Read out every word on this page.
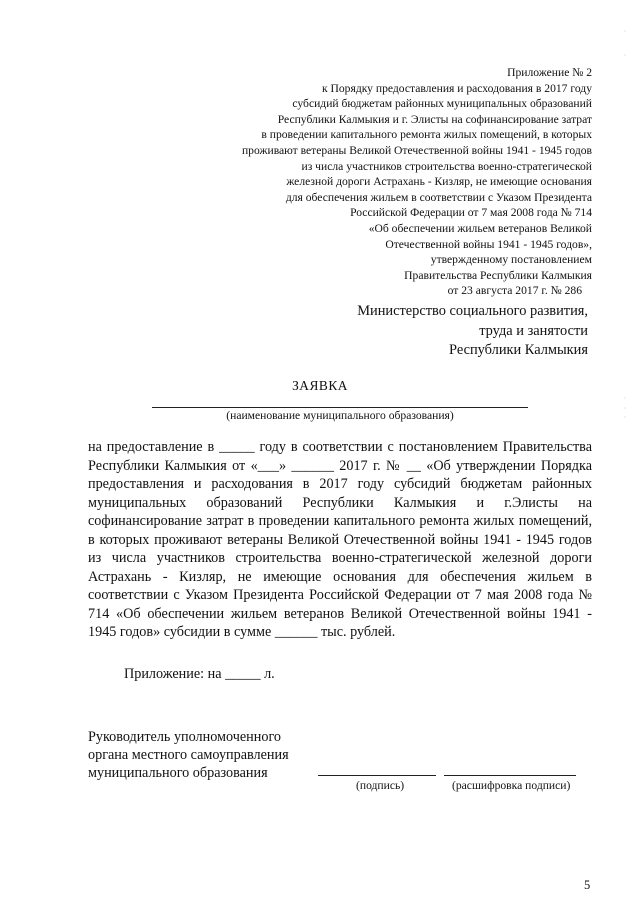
Приложение № 2
к Порядку предоставления и расходования в 2017 году
субсидий бюджетам районных муниципальных образований
Республики Калмыкия и г. Элисты на софинансирование затрат
в проведении капитального ремонта жилых помещений, в которых
проживают ветераны Великой Отечественной войны 1941 - 1945 годов
из числа участников строительства военно-стратегической
железной дороги Астрахань - Кизляр, не имеющие основания
для обеспечения жильем в соответствии с Указом Президента
Российской Федерации от 7 мая 2008 года № 714
«Об обеспечении жильем ветеранов Великой
Отечественной войны 1941 - 1945 годов»,
утвержденному постановлением
Правительства Республики Калмыкия
от 23 августа 2017 г. № 286
Министерство социального развития,
труда и занятости
Республики Калмыкия
ЗАЯВКА
(наименование муниципального образования)

на предоставление в _____ году в соответствии с постановлением Правительства Республики Калмыкия от «___» ______ 2017 г. № __ «Об утверждении Порядка предоставления и расходования в 2017 году субсидий бюджетам районных муниципальных образований Республики Калмыкия и г.Элисты на софинансирование затрат в проведении капитального ремонта жилых помещений, в которых проживают ветераны Великой Отечественной войны 1941 - 1945 годов из числа участников строительства военно-стратегической железной дороги Астрахань - Кизляр, не имеющие основания для обеспечения жильем в соответствии с Указом Президента Российской Федерации от 7 мая 2008 года № 714 «Об обеспечении жильем ветеранов Великой Отечественной войны 1941 - 1945 годов» субсидии в сумме ______ тыс. рублей.

Приложение: на _____ л.
Руководитель уполномоченного
органа местного самоуправления
муниципального образования
(подпись)	(расшифровка подписи)
5
·
·
·
·
·
